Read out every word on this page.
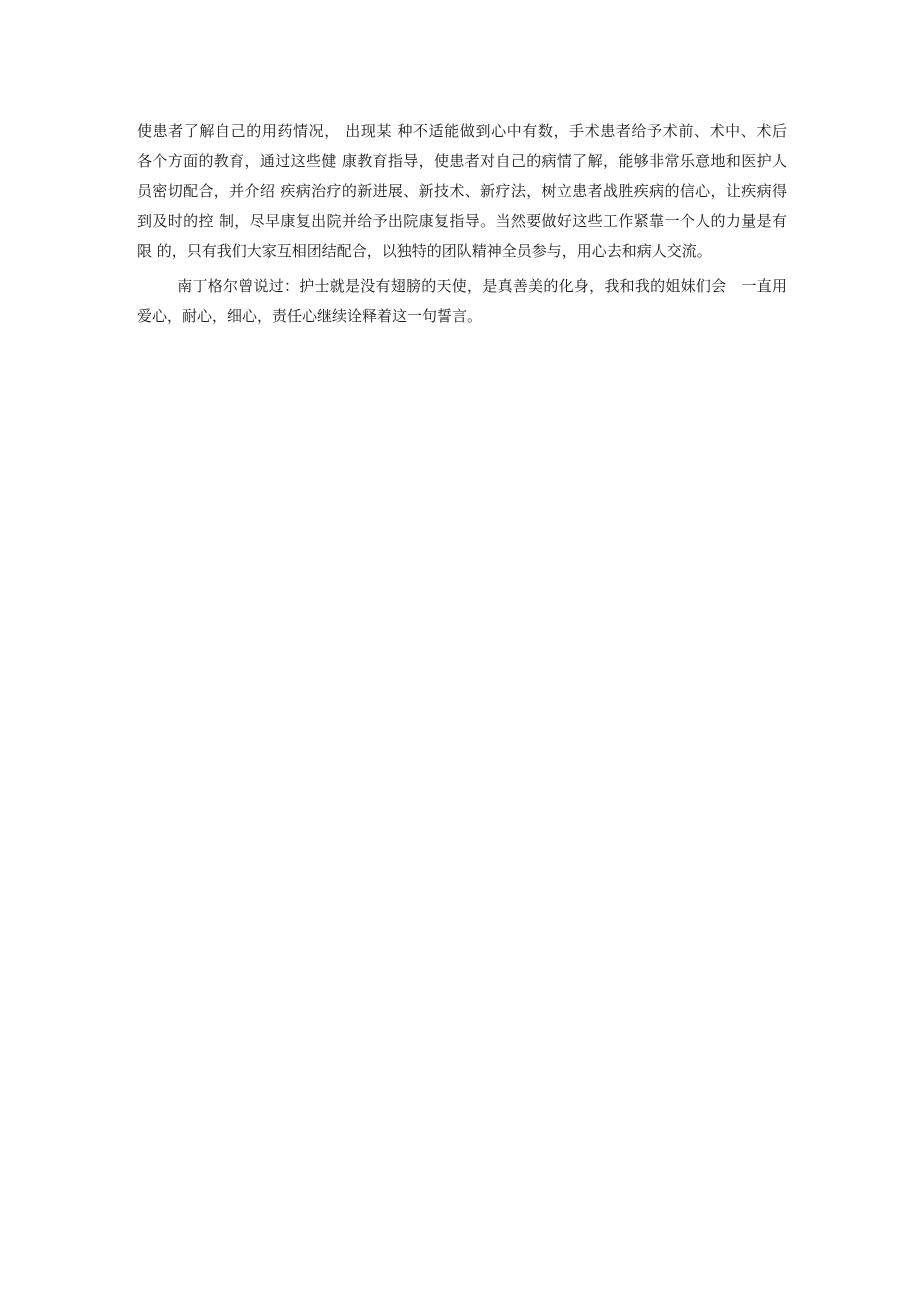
使患者了解自己的用药情况， 出现某 种不适能做到心中有数，手术患者给予术前、术中、术后
各个方面的教育，通过这些健 康教育指导，使患者对自己的病情了解，能够非常乐意地和医护人
员密切配合，并介绍 疾病治疗的新进展、新技术、新疗法，树立患者战胜疾病的信心，让疾病得
到及时的控 制，尽早康复出院并给予出院康复指导。当然要做好这些工作紧靠一个人的力量是有
限 的，只有我们大家互相团结配合，以独特的团队精神全员参与，用心去和病人交流。
南丁格尔曾说过：护士就是没有翅膀的天使，是真善美的化身，我和我的姐妹们会   一直用
爱心，耐心，细心，责任心继续诠释着这一句誓言。
